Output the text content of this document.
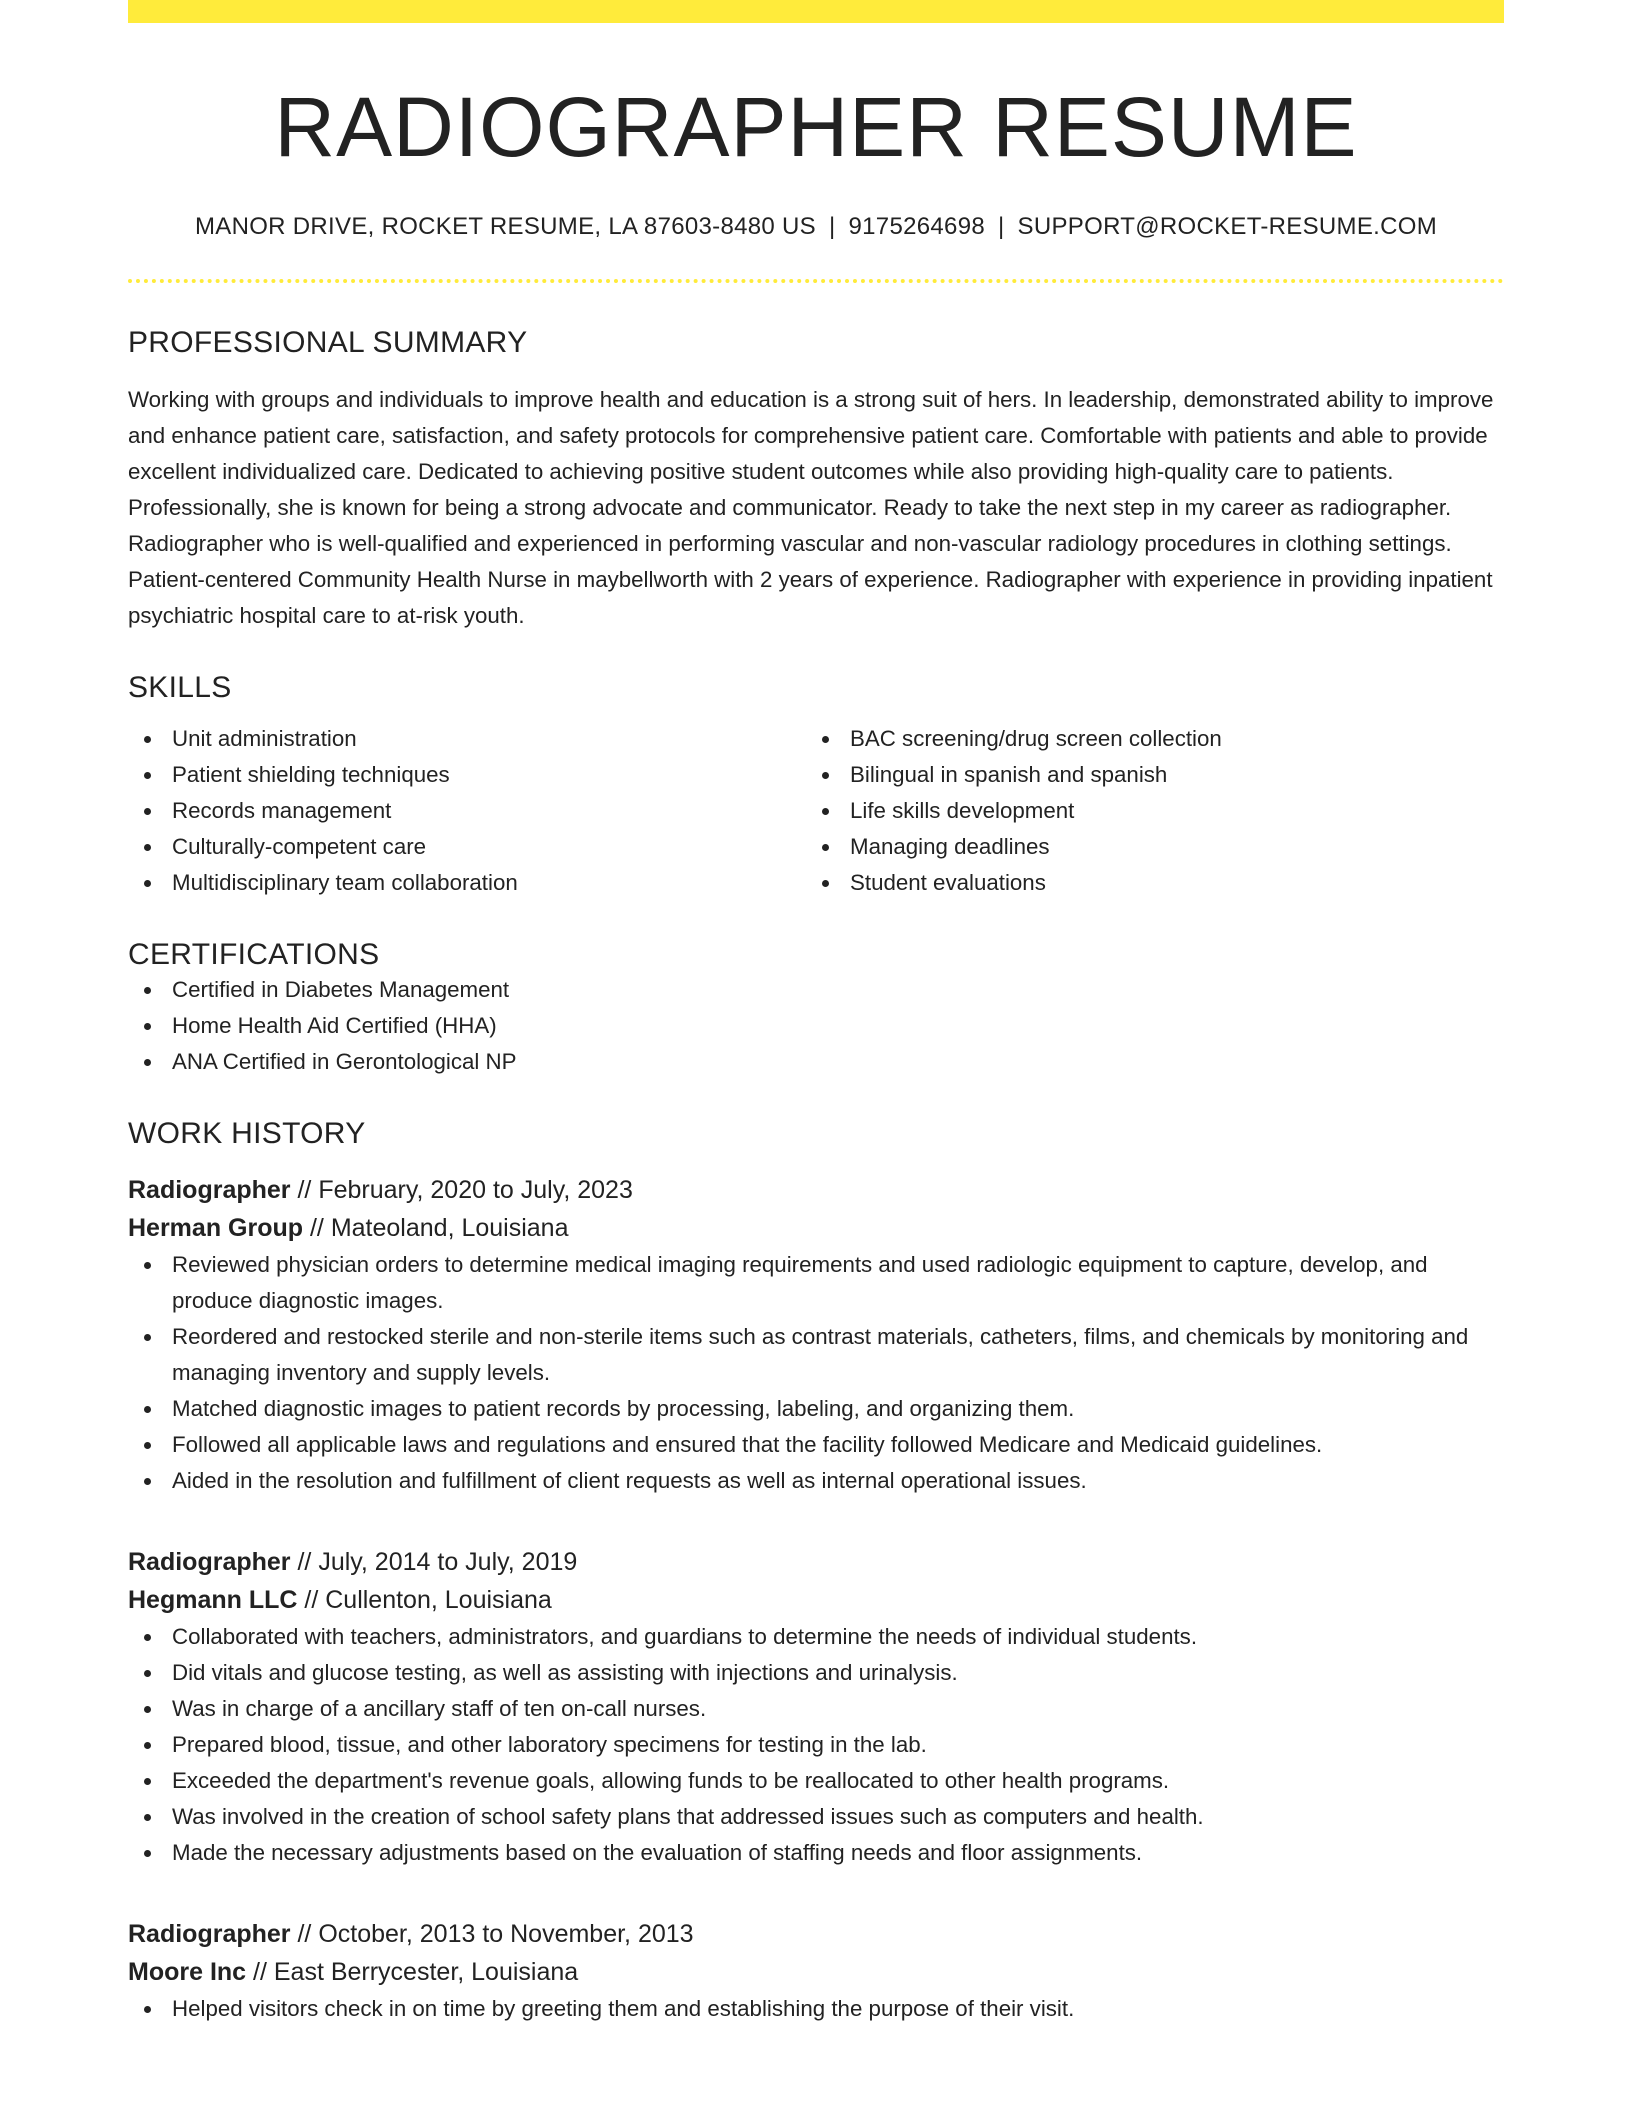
RADIOGRAPHER RESUME
MANOR DRIVE, ROCKET RESUME, LA 87603-8480 US | 9175264698 | SUPPORT@ROCKET-RESUME.COM
PROFESSIONAL SUMMARY

Working with groups and individuals to improve health and education is a strong suit of hers. In leadership, demonstrated ability to improve and enhance patient care, satisfaction, and safety protocols for comprehensive patient care. Comfortable with patients and able to provide excellent individualized care. Dedicated to achieving positive student outcomes while also providing high-quality care to patients. Professionally, she is known for being a strong advocate and communicator. Ready to take the next step in my career as radiographer. Radiographer who is well-qualified and experienced in performing vascular and non-vascular radiology procedures in clothing settings. Patient-centered Community Health Nurse in maybellworth with 2 years of experience. Radiographer with experience in providing inpatient psychiatric hospital care to at-risk youth.

SKILLS
Unit administration
Patient shielding techniques
Records management
Culturally-competent care
Multidisciplinary team collaboration
BAC screening/drug screen collection
Bilingual in spanish and spanish
Life skills development
Managing deadlines
Student evaluations
CERTIFICATIONS
Certified in Diabetes Management
Home Health Aid Certified (HHA)
ANA Certified in Gerontological NP
WORK HISTORY
Radiographer // February, 2020 to July, 2023
Herman Group // Mateoland, Louisiana
Reviewed physician orders to determine medical imaging requirements and used radiologic equipment to capture, develop, and produce diagnostic images.
Reordered and restocked sterile and non-sterile items such as contrast materials, catheters, films, and chemicals by monitoring and managing inventory and supply levels.
Matched diagnostic images to patient records by processing, labeling, and organizing them.
Followed all applicable laws and regulations and ensured that the facility followed Medicare and Medicaid guidelines.
Aided in the resolution and fulfillment of client requests as well as internal operational issues.
Radiographer // July, 2014 to July, 2019
Hegmann LLC // Cullenton, Louisiana
Collaborated with teachers, administrators, and guardians to determine the needs of individual students.
Did vitals and glucose testing, as well as assisting with injections and urinalysis.
Was in charge of a ancillary staff of ten on-call nurses.
Prepared blood, tissue, and other laboratory specimens for testing in the lab.
Exceeded the department's revenue goals, allowing funds to be reallocated to other health programs.
Was involved in the creation of school safety plans that addressed issues such as computers and health.
Made the necessary adjustments based on the evaluation of staffing needs and floor assignments.
Radiographer // October, 2013 to November, 2013
Moore Inc // East Berrycester, Louisiana
Helped visitors check in on time by greeting them and establishing the purpose of their visit.
